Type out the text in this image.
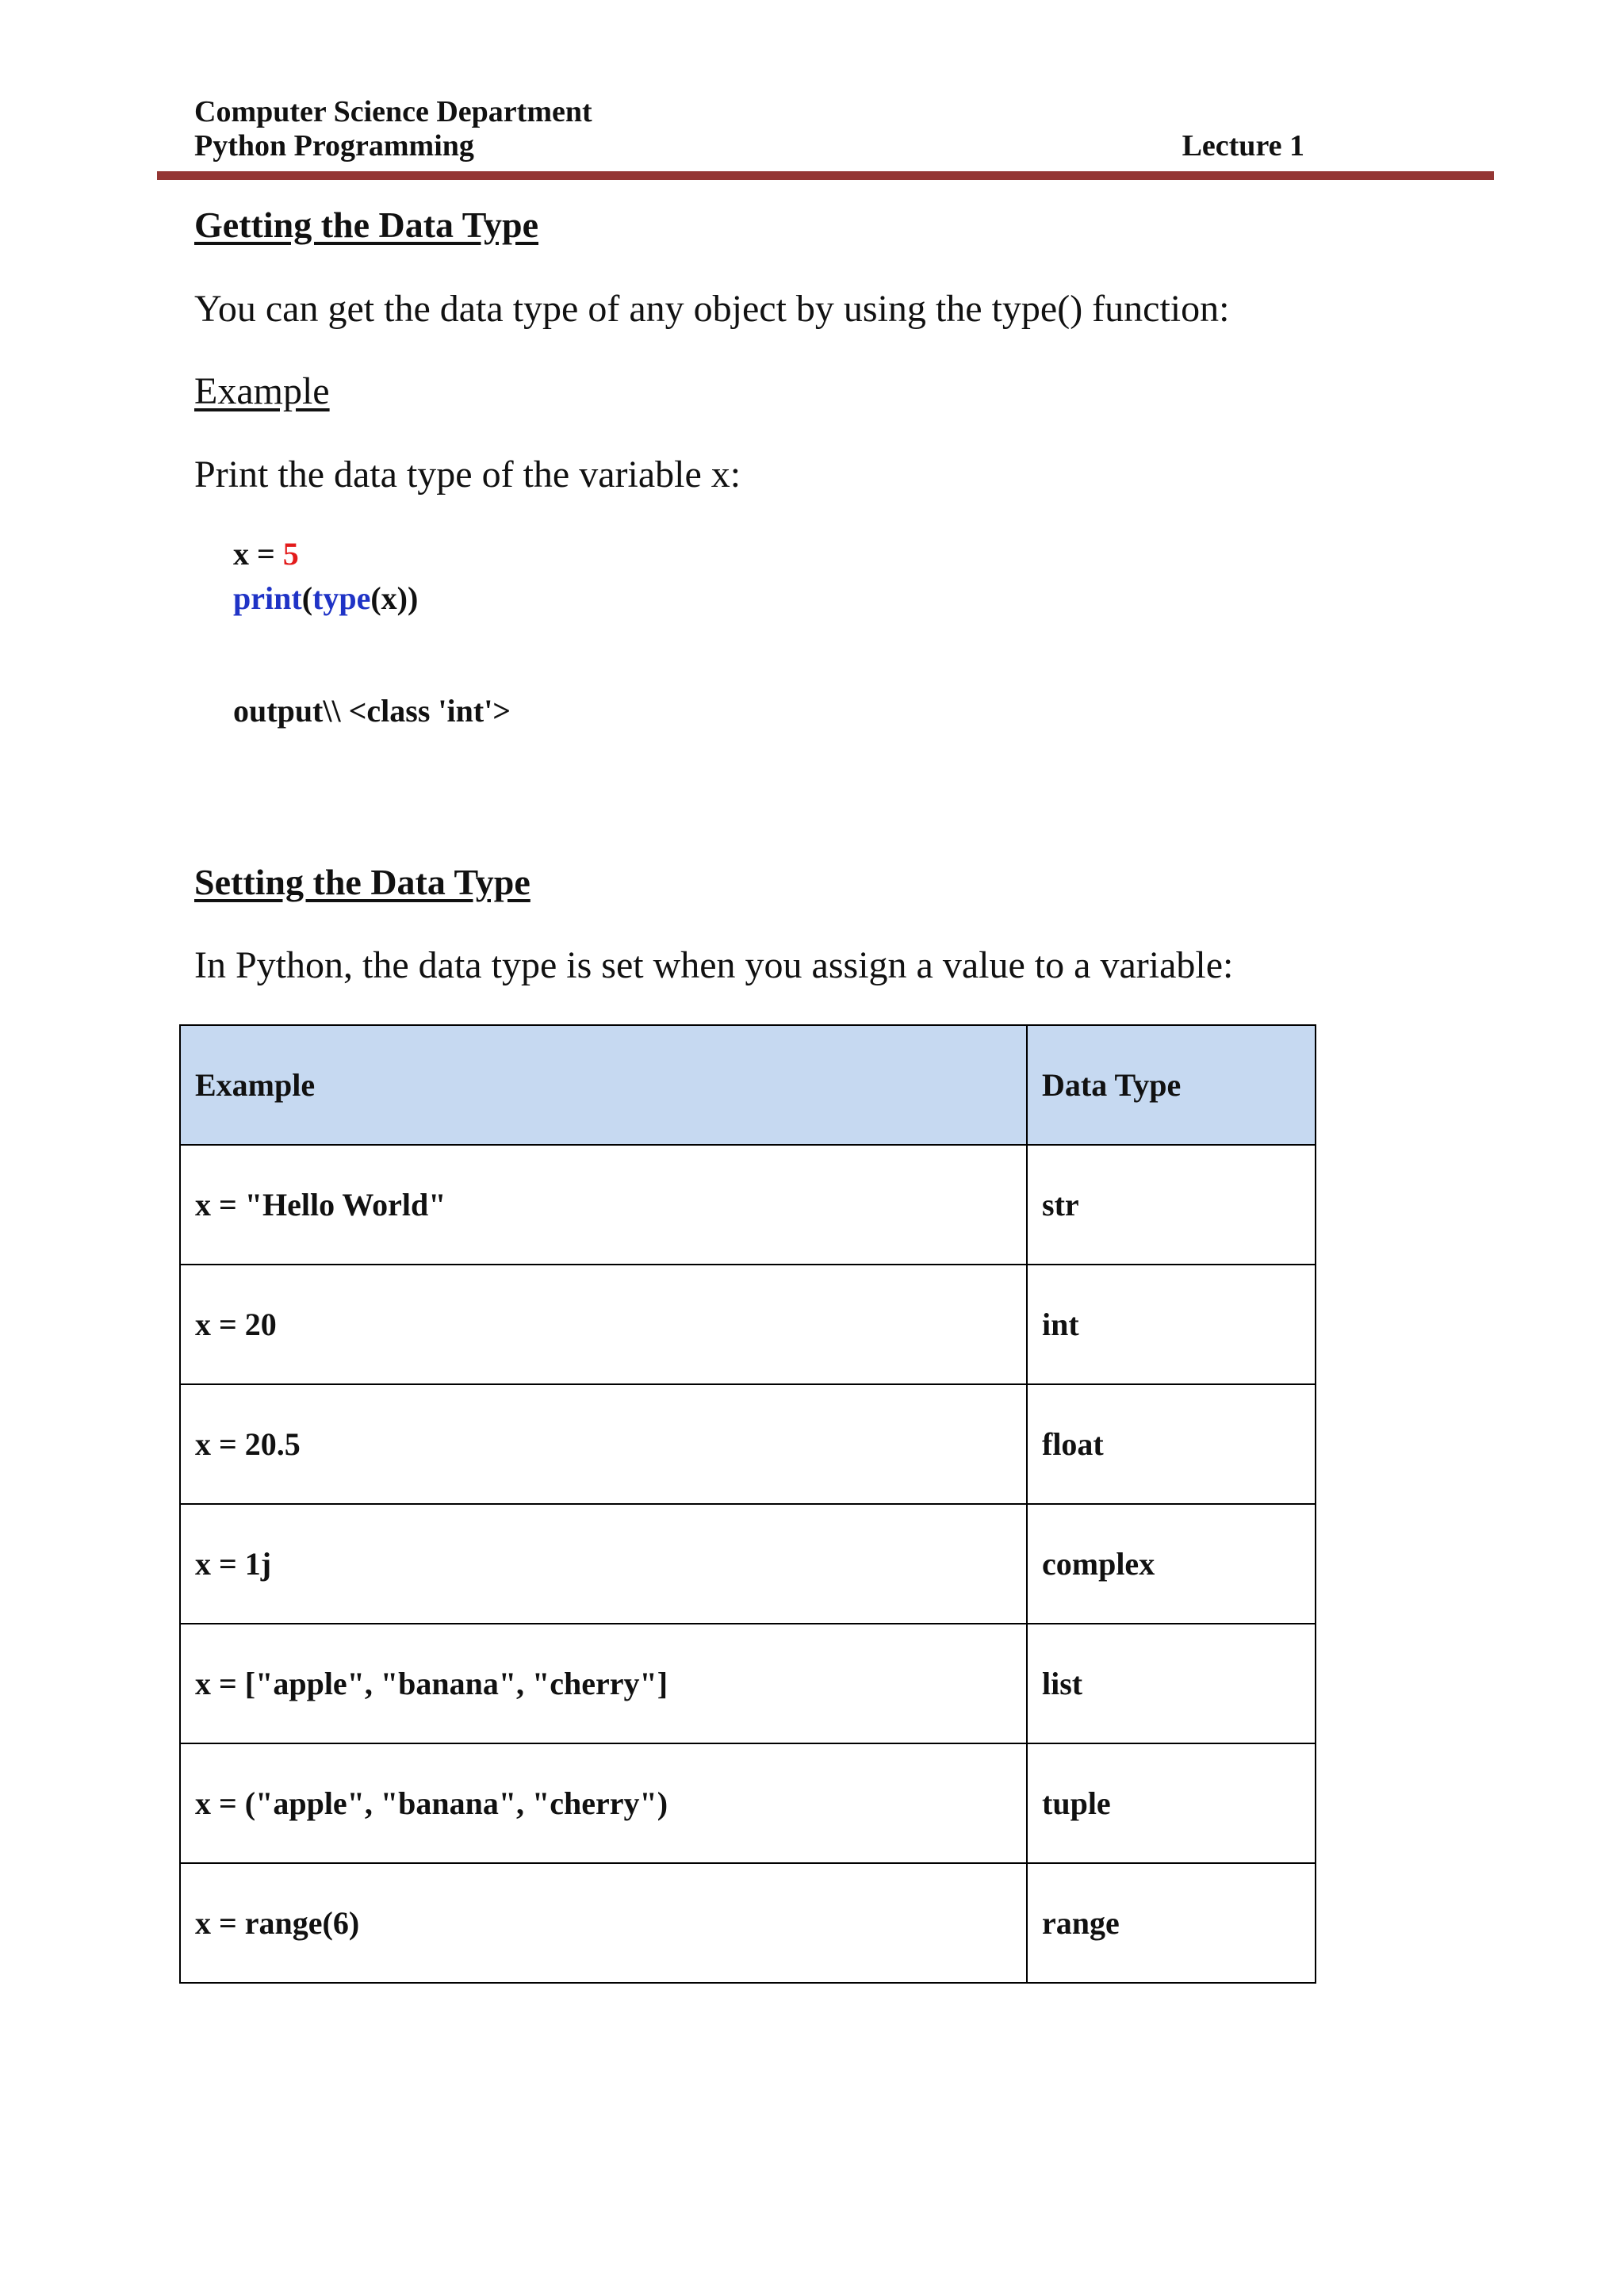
Computer Science Department
Python Programming	Lecture 1
Getting the Data Type
You can get the data type of any object by using the type() function:
Example
Print the data type of the variable x:
x = 5
print(type(x))
output\\ <class 'int'>
Setting the Data Type
In Python, the data type is set when you assign a value to a variable:
Example	Data Type
x = "Hello World"	str
x = 20	int
x = 20.5	float
x = 1j	complex
x = ["apple", "banana", "cherry"]	list
x = ("apple", "banana", "cherry")	tuple
x = range(6)	range
